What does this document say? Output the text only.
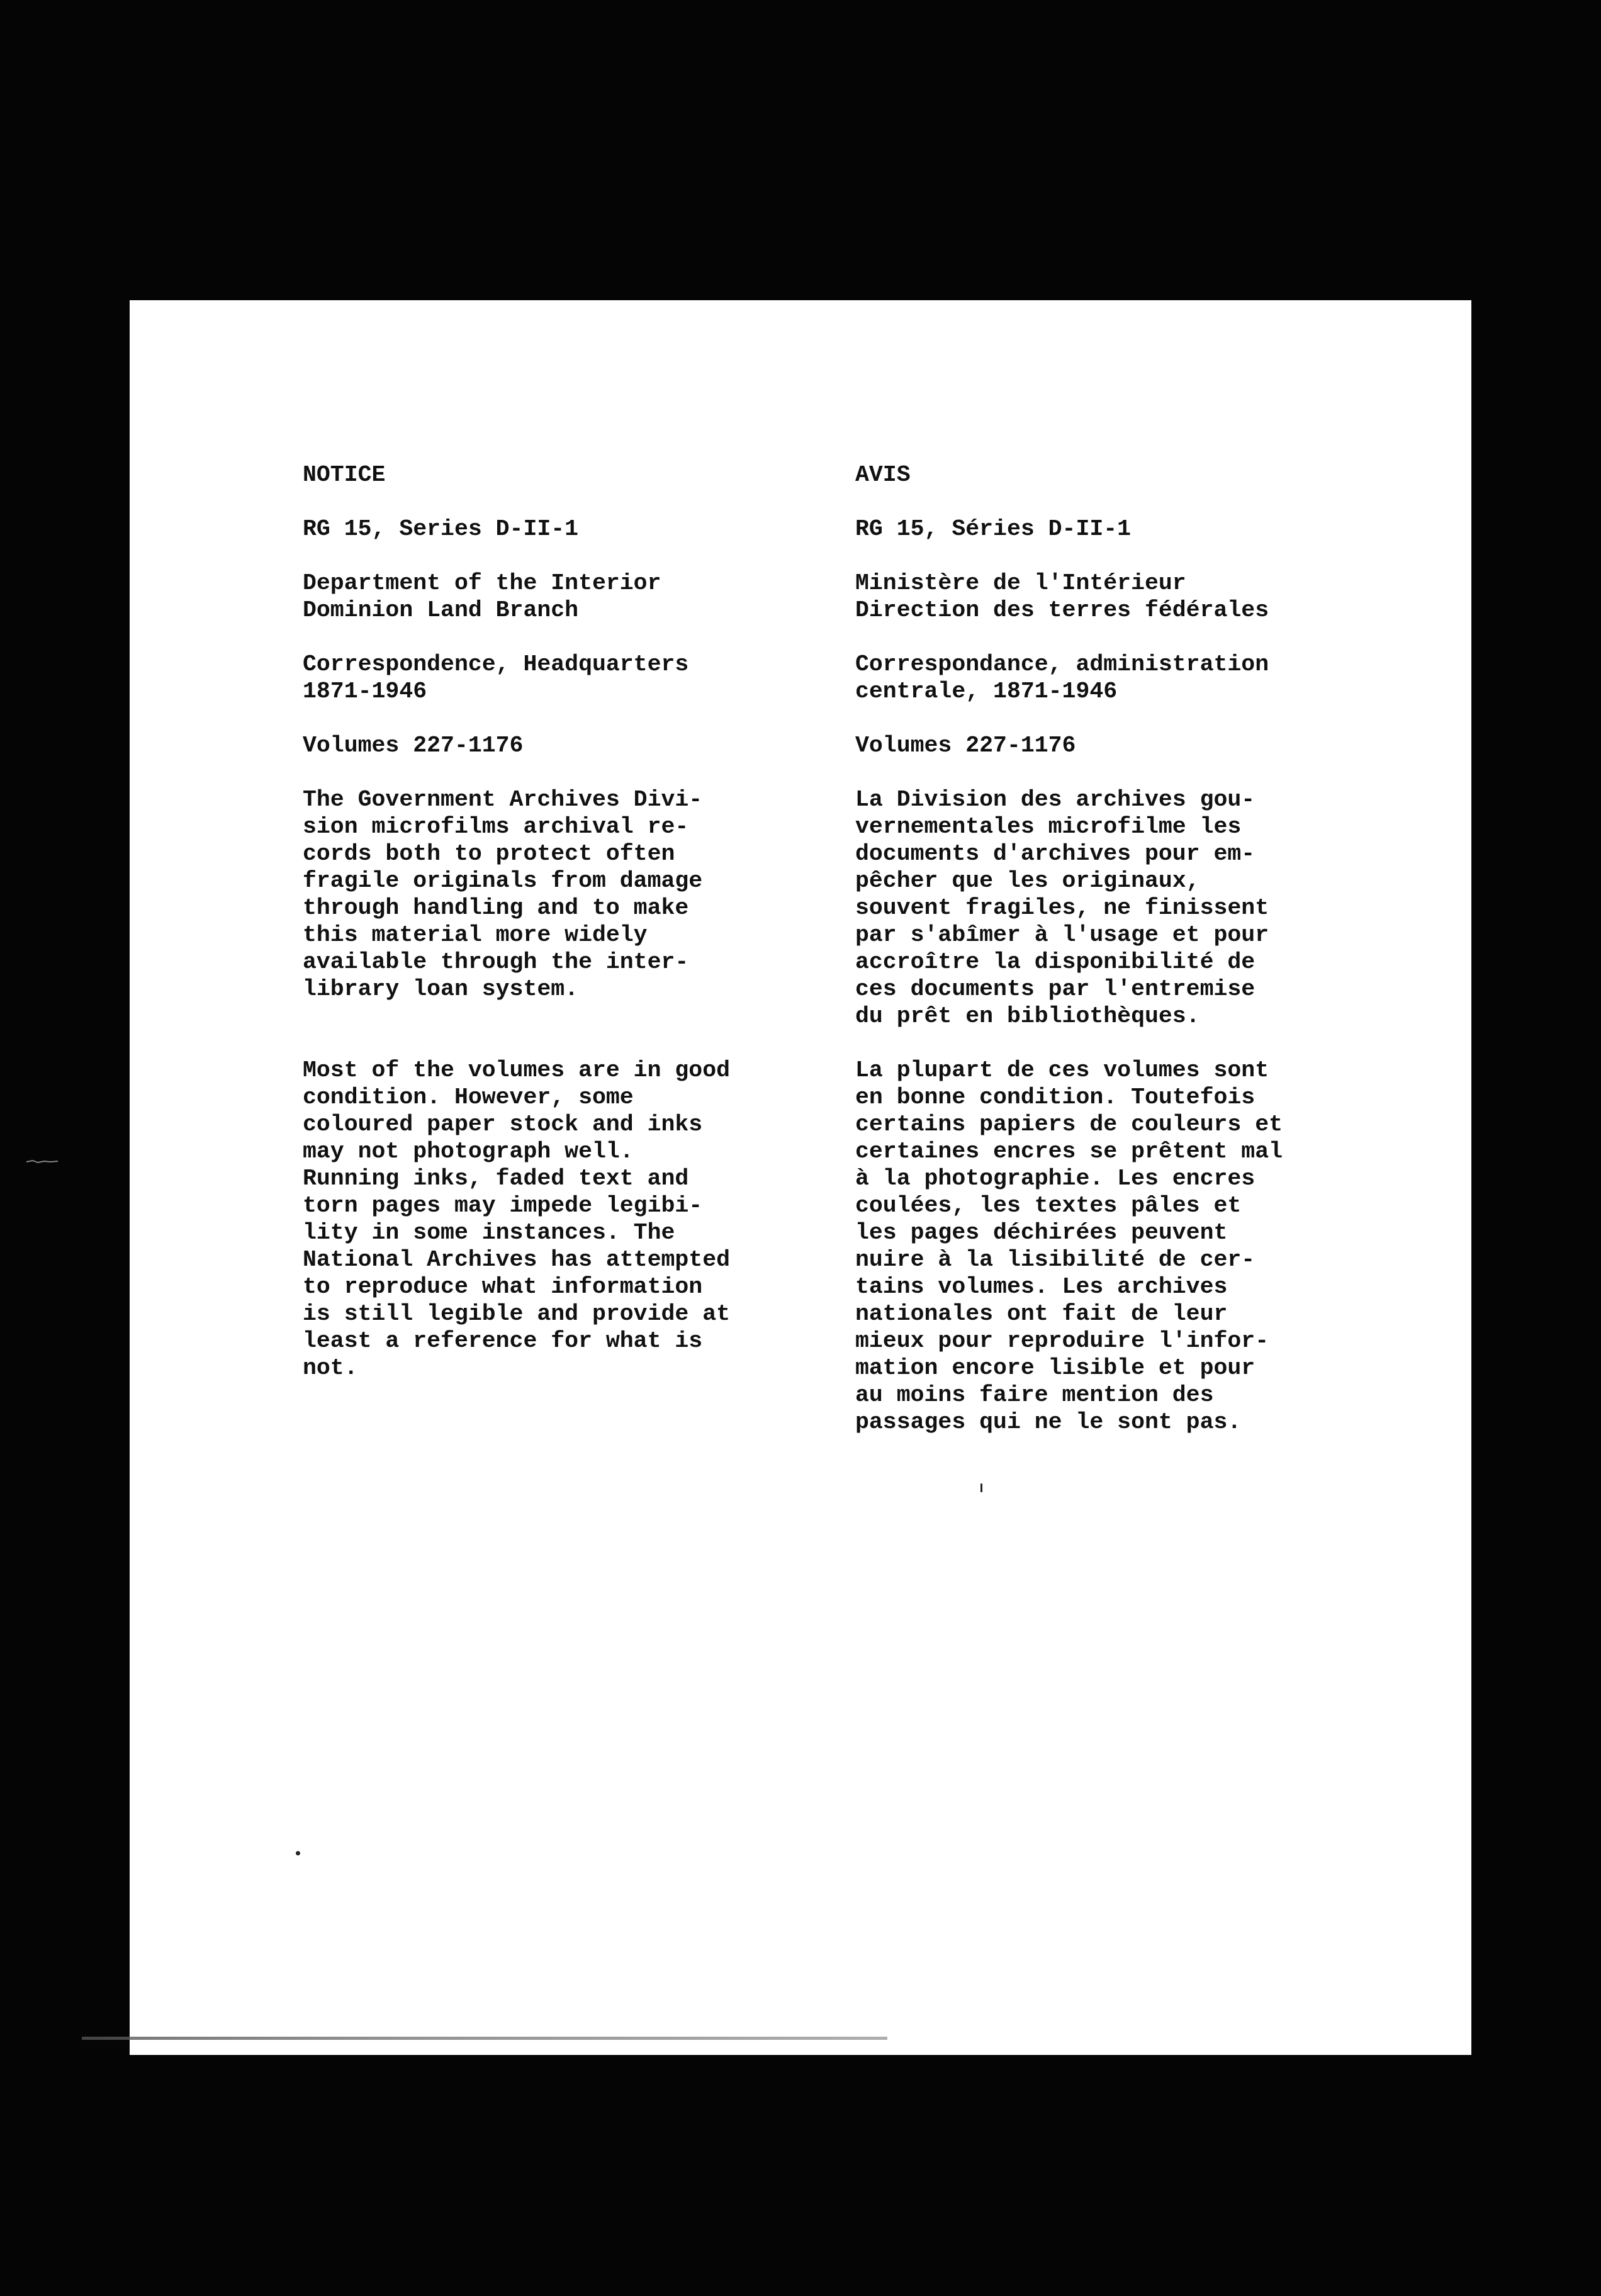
NOTICE

RG 15, Series D-II-1

Department of the Interior

Dominion Land Branch

Correspondence, Headquarters

1871-1946

Volumes 227-1176

The Government Archives Divi-

sion microfilms archival re-

cords both to protect often

fragile originals from damage

through handling and to make

this material more widely

available through the inter-

library loan system.

Most of the volumes are in good

condition. However, some

coloured paper stock and inks

may not photograph well.

Running inks, faded text and

torn pages may impede legibi-

lity in some instances. The

National Archives has attempted

to reproduce what information

is still legible and provide at

least a reference for what is

not.

AVIS

RG 15, Séries D-II-1

Ministère de l'Intérieur

Direction des terres fédérales

Correspondance, administration

centrale, 1871-1946

Volumes 227-1176

La Division des archives gou-

vernementales microfilme les

documents d'archives pour em-

pêcher que les originaux,

souvent fragiles, ne finissent

par s'abîmer à l'usage et pour

accroître la disponibilité de

ces documents par l'entremise

du prêt en bibliothèques.

La plupart de ces volumes sont

en bonne condition. Toutefois

certains papiers de couleurs et

certaines encres se prêtent mal

à la photographie. Les encres

coulées, les textes pâles et

les pages déchirées peuvent

nuire à la lisibilité de cer-

tains volumes. Les archives

nationales ont fait de leur

mieux pour reproduire l'infor-

mation encore lisible et pour

au moins faire mention des

passages qui ne le sont pas.
